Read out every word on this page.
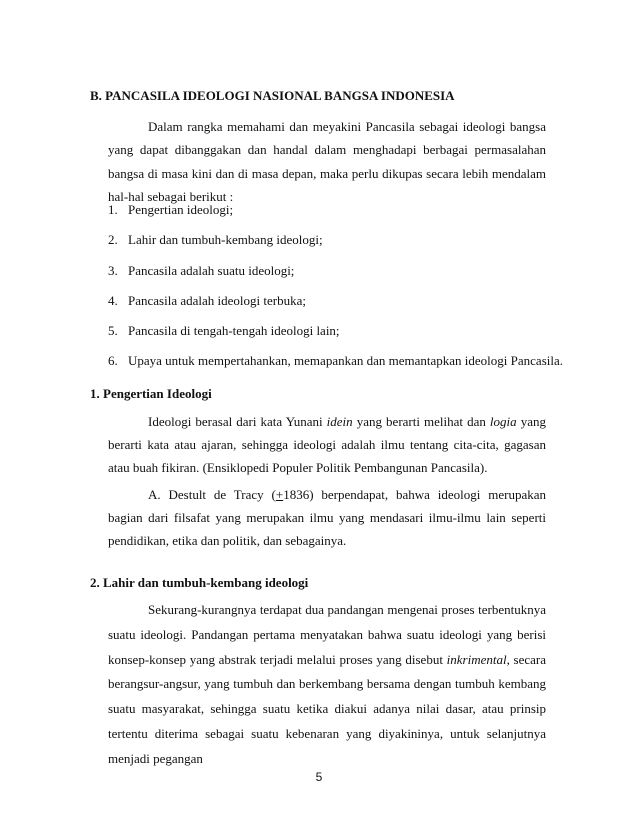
B. PANCASILA IDEOLOGI NASIONAL BANGSA INDONESIA

Dalam rangka memahami dan meyakini Pancasila sebagai ideologi bangsa yang dapat dibanggakan dan handal dalam menghadapi berbagai permasalahan bangsa di masa kini dan di masa depan, maka perlu dikupas secara lebih mendalam hal-hal sebagai berikut :

1. Pengertian ideologi;
2. Lahir dan tumbuh-kembang ideologi;
3. Pancasila adalah suatu ideologi;
4. Pancasila adalah ideologi terbuka;
5. Pancasila di tengah-tengah ideologi lain;
6. Upaya untuk mempertahankan, memapankan dan memantapkan ideologi Pancasila.
1. Pengertian Ideologi

Ideologi berasal dari kata Yunani idein yang berarti melihat dan logia yang berarti kata atau ajaran, sehingga ideologi adalah ilmu tentang cita-cita, gagasan atau buah fikiran. (Ensiklopedi Populer Politik Pembangunan Pancasila).

A. Destult de Tracy (+1836) berpendapat, bahwa ideologi merupakan bagian dari filsafat yang merupakan ilmu yang mendasari ilmu-ilmu lain seperti pendidikan, etika dan politik, dan sebagainya.

2. Lahir dan tumbuh-kembang ideologi

Sekurang-kurangnya terdapat dua pandangan mengenai proses terbentuknya suatu ideologi. Pandangan pertama menyatakan bahwa suatu ideologi yang berisi konsep-konsep yang abstrak terjadi melalui proses yang disebut inkrimental, secara berangsur-angsur, yang tumbuh dan berkembang bersama dengan tumbuh kembang suatu masyarakat, sehingga suatu ketika diakui adanya nilai dasar, atau prinsip tertentu diterima sebagai suatu kebenaran yang diyakininya, untuk selanjutnya menjadi pegangan

5
